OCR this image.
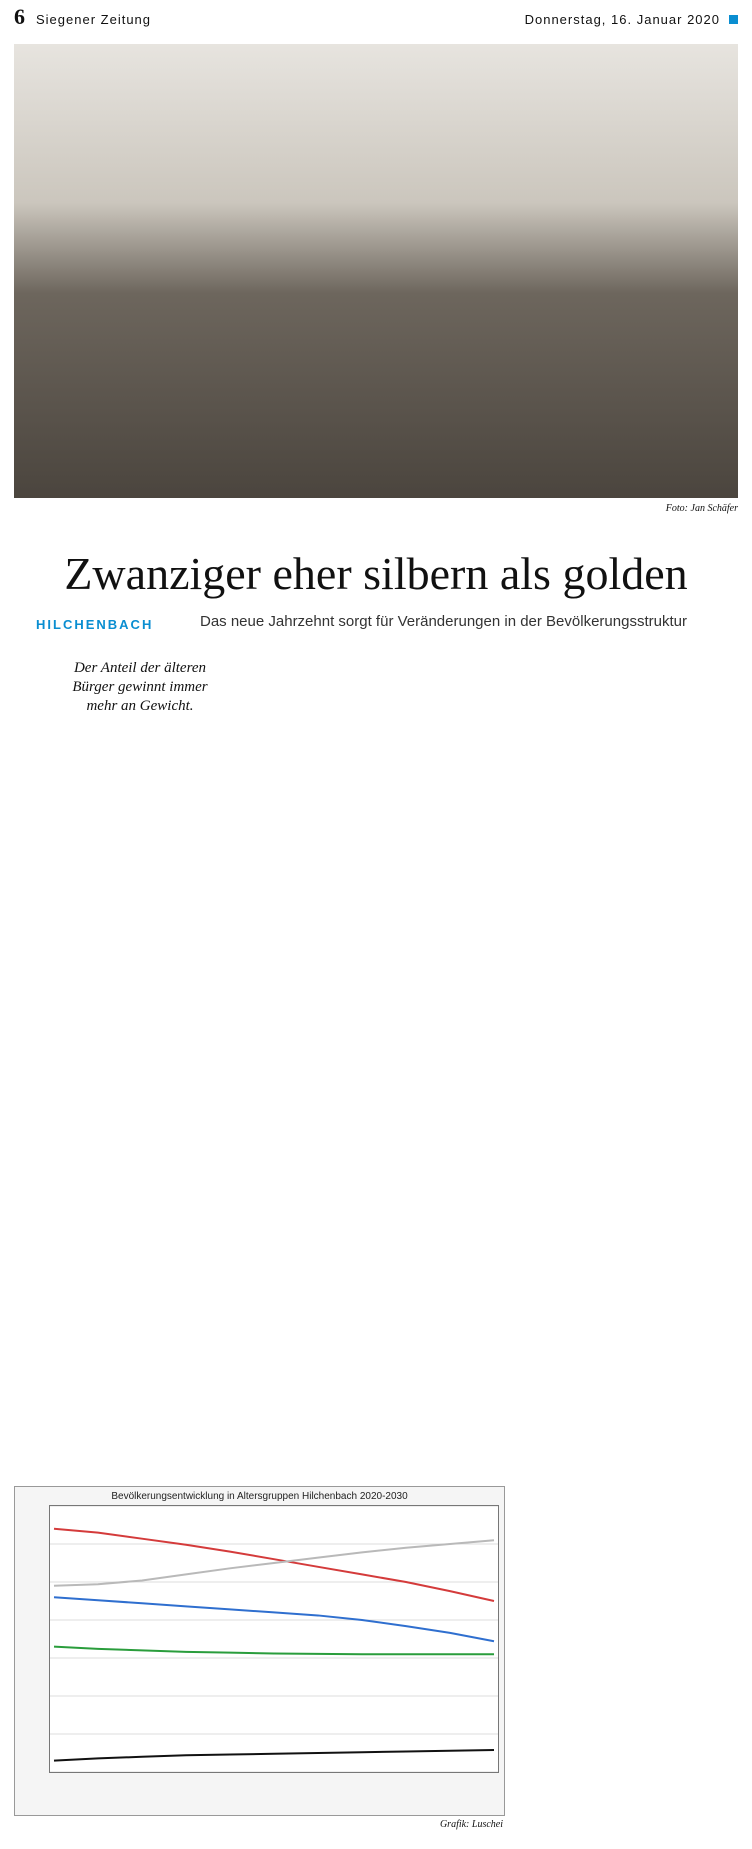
6 Siegener Zeitung	Donnerstag, 16. Januar 2020
Foto: Jan Schäfer
Zwanziger eher silbern als golden
HILCHENBACH	Das neue Jahrzehnt sorgt für Veränderungen in der Bevölkerungsstruktur
Der Anteil der älteren Bürger gewinnt immer mehr an Gewicht.

Bevölkerungsentwicklung in Altersgruppen Hilchenbach 2020-2030
Grafik: Luschei
